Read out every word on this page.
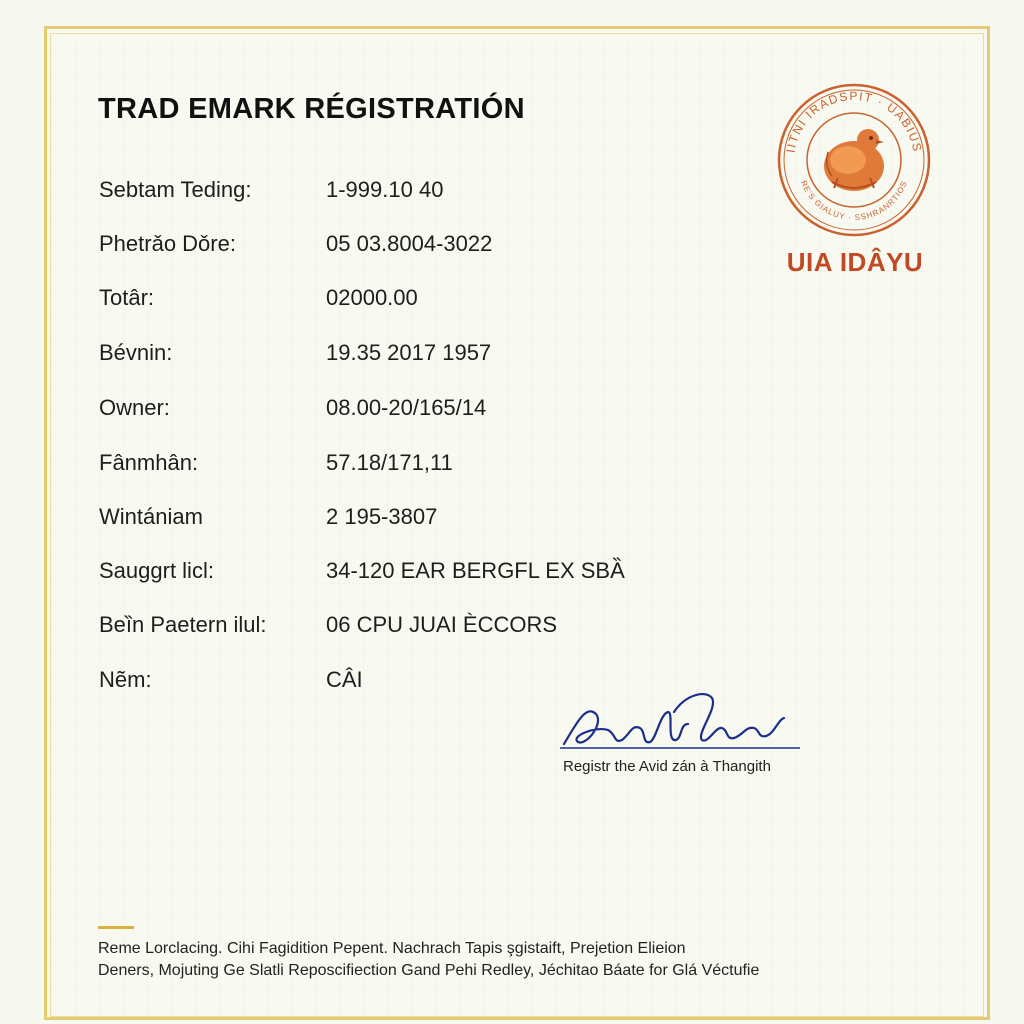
TRAD EMARK RÉGISTRATIÓN
Sebtam Teding:	1-999.10 40
Phetrǎo Dǒre:	05 03.8004-3022
Totâr:	02000.00
Bévnin:	19.35 2017 1957
Owner:	08.00-20/165/14
Fânmhân:	57.18/171,11
Wintániam	2 195-3807
Sauggrt licl:	34-120 EAR BERGFL EX SBȀ
Beȉn Paetern ilul:	06 CPU JUAI ÈCCORS
Nẽm:	CÂI
IITNI IRADSPIT · UABIUS
RE'S GIALUY · SSHRANRTIOS
UIA IDÂYU
Registr the Avid zán à Thangith
Reme Lorclacing. Cihi Fagidition Pepent. Nachrach Tapis şgistaift, Prejetion Elieion
Deners, Mojuting Ge Slatli Reposcifiection Gand Pehi Redley, Jéchitao Báate for Glá Véctufie
